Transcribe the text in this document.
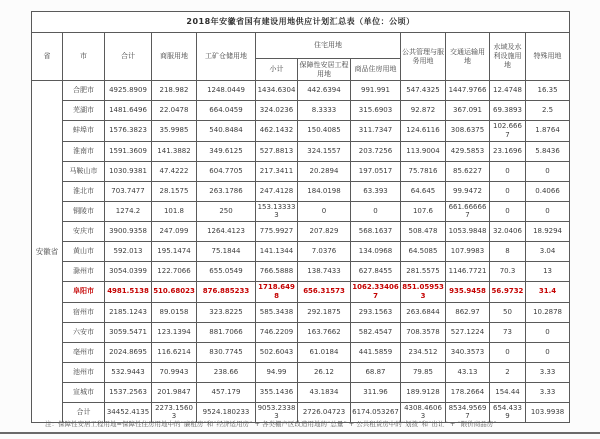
2018年安徽省国有建设用地供应计划汇总表（单位：公顷）											
省	市	合计	商服用地	工矿仓储用地	住宅用地			公共管理与服务用地	交通运输用地	水域及水利设施用地	特殊用地
					小计	保障性安居工程用地	商品住房用地				
安徽省	合肥市	4925.8909	218.982	1248.0449	1434.6304	442.6394	991.991	547.4325	1447.9766	12.4748	16.35
	芜湖市	1481.6496	22.0478	664.0459	324.0236	8.3333	315.6903	92.872	367.091	69.3893	2.5
	蚌埠市	1576.3823	35.9985	540.8484	462.1432	150.4085	311.7347	124.6116	308.6375	102.6667	1.8764
	淮南市	1591.3609	141.3882	349.6125	527.8813	324.1557	203.7256	113.9004	429.5853	23.1696	5.8436
	马鞍山市	1030.9381	47.4222	604.7705	217.3411	20.2894	197.0517	75.7816	85.6227	0	0
	淮北市	703.7477	28.1575	263.1786	247.4128	184.0198	63.393	64.645	99.9472	0	0.4066
	铜陵市	1274.2	101.8	250	153.133333	0	0	107.6	661.666667	0	0
	安庆市	3900.9358	247.099	1264.4123	775.9927	207.829	568.1637	508.478	1053.9848	32.0406	18.9294
	黄山市	592.013	195.1474	75.1844	141.1344	7.0376	134.0968	64.5085	107.9983	8	3.04
	滁州市	3054.0399	122.7066	655.0549	766.5888	138.7433	627.8455	281.5575	1146.7721	70.3	13
	阜阳市	4981.5138	510.68023	876.885233	1718.6498	656.31573	1062.334067	851.059533	935.9458	56.9732	31.4
	宿州市	2185.1243	89.0158	323.8225	585.3438	292.1875	293.1563	263.6844	862.97	50	10.2878
	六安市	3059.5471	123.1394	881.7066	746.2209	163.7662	582.4547	708.3578	527.1224	73	0
	亳州市	2024.8695	116.6214	830.7745	502.6043	61.0184	441.5859	234.512	340.3573	0	0
	池州市	532.9443	70.9943	238.66	94.99	26.12	68.87	79.85	43.13	2	3.33
	宣城市	1537.2563	201.9847	457.179	355.1436	43.1834	311.96	189.9128	178.2664	154.44	3.33
	合计	34452.4135	2273.15603	9524.180233	9053.23383	2726.04723	6174.053267	4308.46063	8534.95697	654.4339	103.9938
注：保障性安居工程用地=保障性住房用地中的“廉租房”和“经济适用房” + 各类棚户区改造用地的“总量” + 公共租赁房中的“划拨”和“出让” + “限价商品房”
